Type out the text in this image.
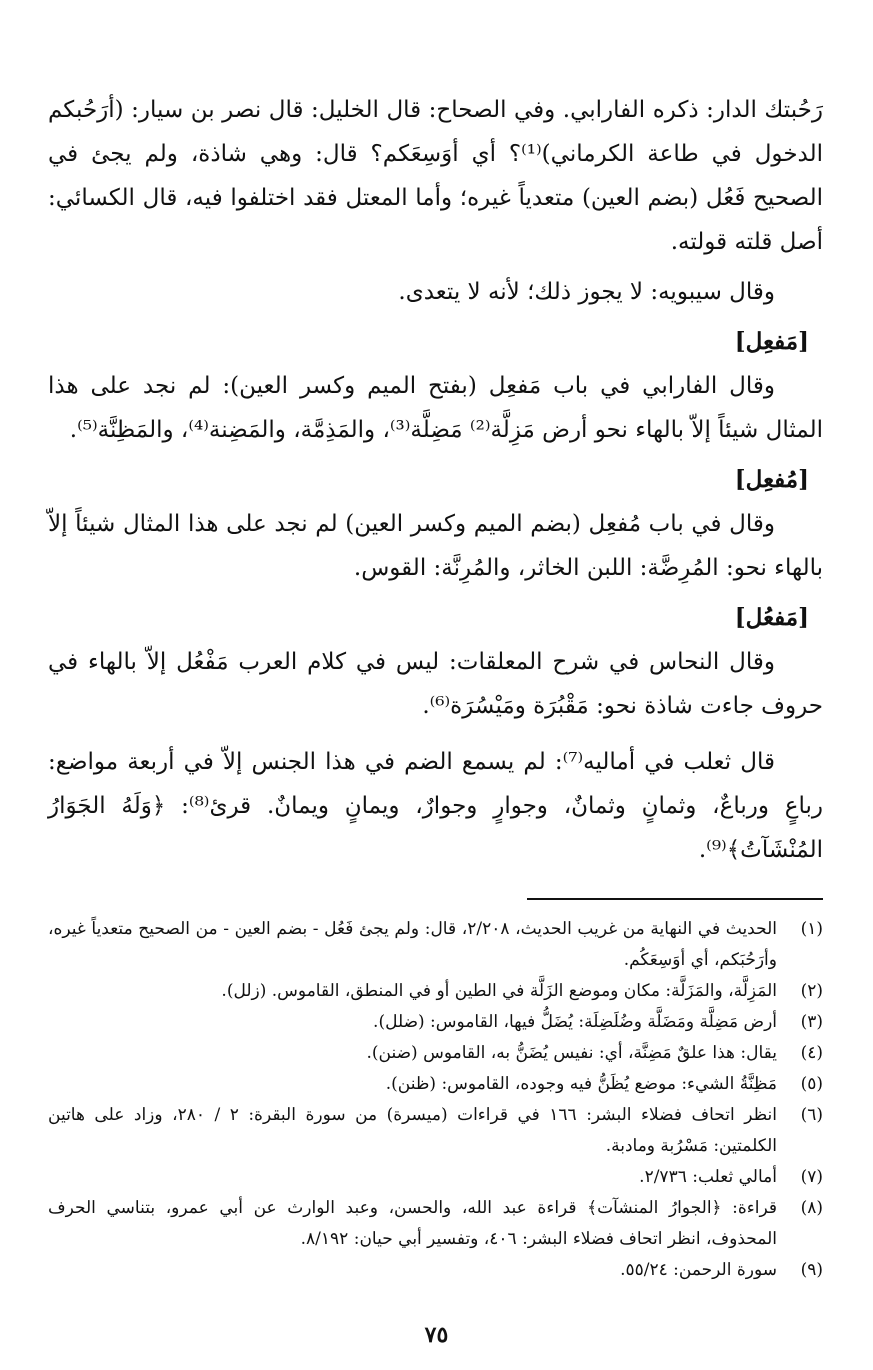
رَحُبتك الدار: ذكره الفارابي. وفي الصحاح: قال الخليل: قال نصر بن سيار: (أرَحُبكم الدخول في طاعة الكرماني)⁽¹⁾؟ أي أوَسِعَكم؟ قال: وهي شاذة، ولم يجئ في الصحيح فَعُل (بضم العين) متعدياً غيره؛ وأما المعتل فقد اختلفوا فيه، قال الكسائي: أصل قلته قولته.

وقال سيبويه: لا يجوز ذلك؛ لأنه لا يتعدى.

[مَفعِل]

وقال الفارابي في باب مَفعِل (بفتح الميم وكسر العين): لم نجد على هذا المثال شيئاً إلاّ بالهاء نحو أرض مَزِلَّة⁽²⁾ مَضِلَّة⁽³⁾، والمَذِمَّة، والمَضِنة⁽⁴⁾، والمَظِنَّة⁽⁵⁾.

[مُفعِل]

وقال في باب مُفعِل (بضم الميم وكسر العين) لم نجد على هذا المثال شيئاً إلاّ بالهاء نحو: المُرِضَّة: اللبن الخاثر، والمُرِنَّة: القوس.

[مَفعُل]

وقال النحاس في شرح المعلقات: ليس في كلام العرب مَفْعُل إلاّ بالهاء في حروف جاءت شاذة نحو: مَقْبُرَة ومَيْسُرَة⁽⁶⁾.

قال ثعلب في أماليه⁽⁷⁾: لم يسمع الضم في هذا الجنس إلاّ في أربعة مواضع: رباعٍ ورباعٌ، وثمانٍ وثمانٌ، وجوارٍ وجوارٌ، ويمانٍ ويمانٌ. قرئ⁽⁸⁾: ﴿وَلَهُ الجَوَارُ المُنْشَآتُ﴾⁽⁹⁾.

(١)
الحديث في النهاية من غريب الحديث، ٢/٢٠٨، قال: ولم يجئ فَعُل - بضم العين - من الصحيح متعدياً غيره، وأرَحُبَكم، أي أوَسِعَكُم.
(٢)
المَزِلَّة، والمَزَلَّة: مكان وموضع الزَلَّة في الطين أو في المنطق، القاموس. (زلل).
(٣)
أرض مَضِلَّة ومَضَلَّة وضُلَضِلَة: يُضَلُّ فيها، القاموس: (ضلل).
(٤)
يقال: هذا علقٌ مَضِنَّة، أي: نفيس يُضَنُّ به، القاموس (ضنن).
(٥)
مَظِنَّةُ الشيء: موضع يُظَنُّ فيه وجوده، القاموس: (ظنن).
(٦)
انظر اتحاف فضلاء البشر: ١٦٦ في قراءات (ميسرة) من سورة البقرة: ٢ / ٢٨٠، وزاد على هاتين الكلمتين: مَسْرُبة ومادبة.
(٧)
أمالي ثعلب: ٢/٧٣٦.
(٨)
قراءة: ﴿الجوارُ المنشآت﴾ قراءة عبد الله، والحسن، وعبد الوارث عن أبي عمرو، بتناسي الحرف المحذوف، انظر اتحاف فضلاء البشر: ٤٠٦، وتفسير أبي حيان: ٨/١٩٢.
(٩)
سورة الرحمن: ٥٥/٢٤.
٧٥
